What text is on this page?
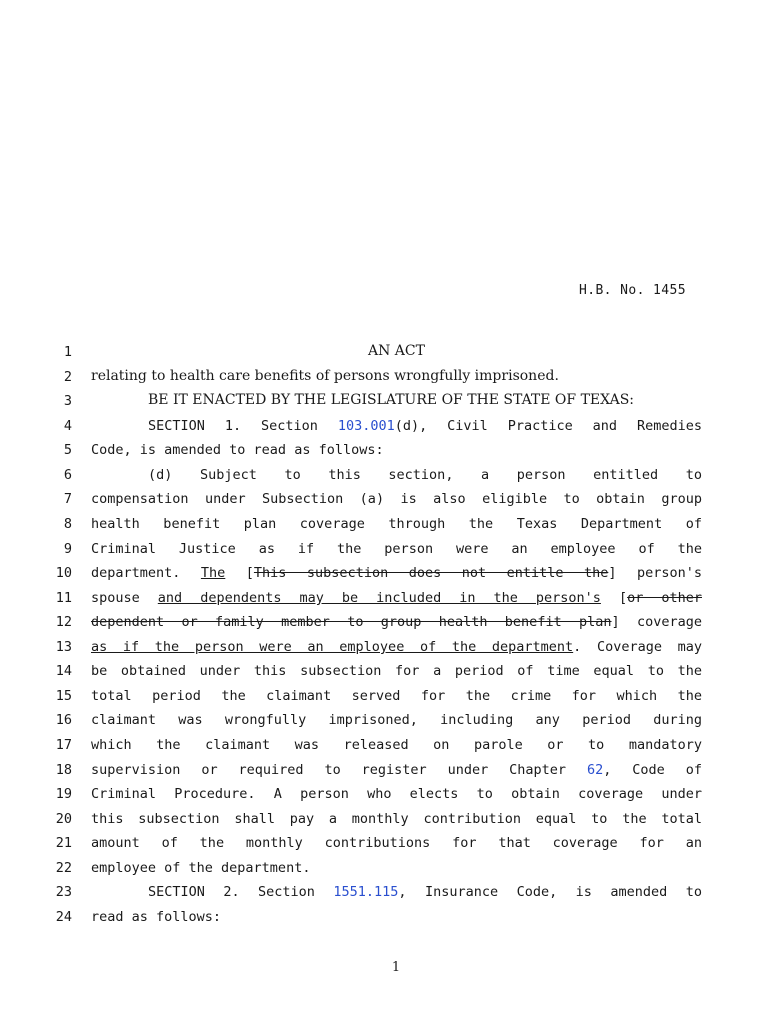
H.B. No. 1455
1
2
3
4
5
6
7
8
9
10
11
12
13
14
15
16
17
18
19
20
21
22
23
24
AN ACT
relating to health care benefits of persons wrongfully imprisoned.
BE IT ENACTED BY THE LEGISLATURE OF THE STATE OF TEXAS:
SECTION 1. Section 103.001(d), Civil Practice and Remedies
Code, is amended to read as follows:
(d) Subject to this section, a person entitled to
compensation under Subsection (a) is also eligible to obtain group
health benefit plan coverage through the Texas Department of
Criminal Justice as if the person were an employee of the
department. The [This subsection does not entitle the] person's
spouse and dependents may be included in the person's [or other
dependent or family member to group health benefit plan] coverage
as if the person were an employee of the department. Coverage may
be obtained under this subsection for a period of time equal to the
total period the claimant served for the crime for which the
claimant was wrongfully imprisoned, including any period during
which the claimant was released on parole or to mandatory
supervision or required to register under Chapter 62, Code of
Criminal Procedure. A person who elects to obtain coverage under
this subsection shall pay a monthly contribution equal to the total
amount of the monthly contributions for that coverage for an
employee of the department.
SECTION 2. Section 1551.115, Insurance Code, is amended to
read as follows:
1
